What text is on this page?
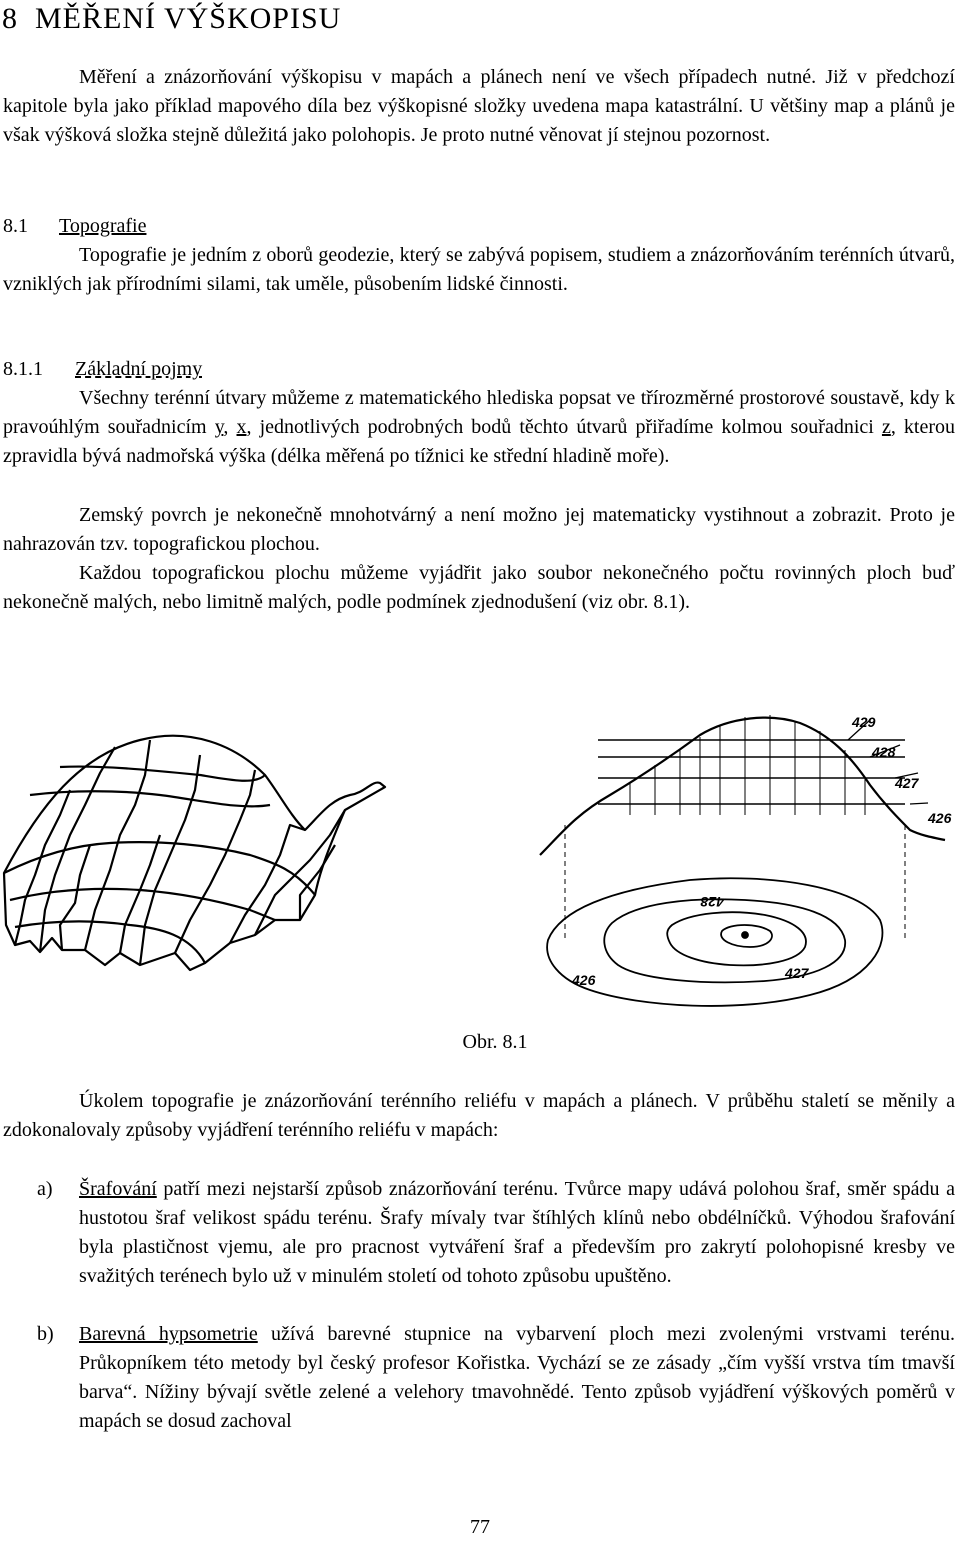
8 MĚŘENÍ VÝŠKOPISU

Měření a znázorňování výškopisu v mapách a plánech není ve všech případech nutné. Již v předchozí kapitole byla jako příklad mapového díla bez výškopisné složky uvedena mapa katastrální. U většiny map a plánů je však výšková složka stejně důležitá jako polohopis. Je proto nutné věnovat jí stejnou pozornost.

8.1 Topografie

Topografie je jedním z oborů geodezie, který se zabývá popisem, studiem a znázorňováním terénních útvarů, vzniklých jak přírodními silami, tak uměle, působením lidské činnosti.

8.1.1 Základní pojmy

Všechny terénní útvary můžeme z matematického hlediska popsat ve třírozměrné prostorové soustavě, kdy k pravoúhlým souřadnicím y, x, jednotlivých podrobných bodů těchto útvarů přiřadíme kolmou souřadnici z, kterou zpravidla bývá nadmořská výška (délka měřená po tížnici ke střední hladině moře).

Zemský povrch je nekonečně mnohotvárný a není možno jej matematicky vystihnout a zobrazit. Proto je nahrazován tzv. topografickou plochou.

Každou topografickou plochu můžeme vyjádřit jako soubor nekonečného počtu rovinných ploch buď nekonečně malých, nebo limitně malých, podle podmínek zjednodušení (viz obr. 8.1).

429
428
427
426
428
427
426
Obr. 8.1

Úkolem topografie je znázorňování terénního reliéfu v mapách a plánech. V průběhu staletí se měnily a zdokonalovaly způsoby vyjádření terénního reliéfu v mapách:

a) Šrafování patří mezi nejstarší způsob znázorňování terénu. Tvůrce mapy udává polohou šraf, směr spádu a hustotou šraf velikost spádu terénu. Šrafy mívaly tvar štíhlých klínů nebo obdélníčků. Výhodou šrafování byla plastičnost vjemu, ale pro pracnost vytváření šraf a především pro zakrytí polohopisné kresby ve svažitých terénech bylo už v minulém století od tohoto způsobu upuštěno.
b) Barevná hypsometrie užívá barevné stupnice na vybarvení ploch mezi zvolenými vrstvami terénu. Průkopníkem této metody byl český profesor Kořistka. Vychází se ze zásady „čím vyšší vrstva tím tmavší barva“. Nížiny bývají světle zelené a velehory tmavohnědé. Tento způsob vyjádření výškových poměrů v mapách se dosud zachoval
77
